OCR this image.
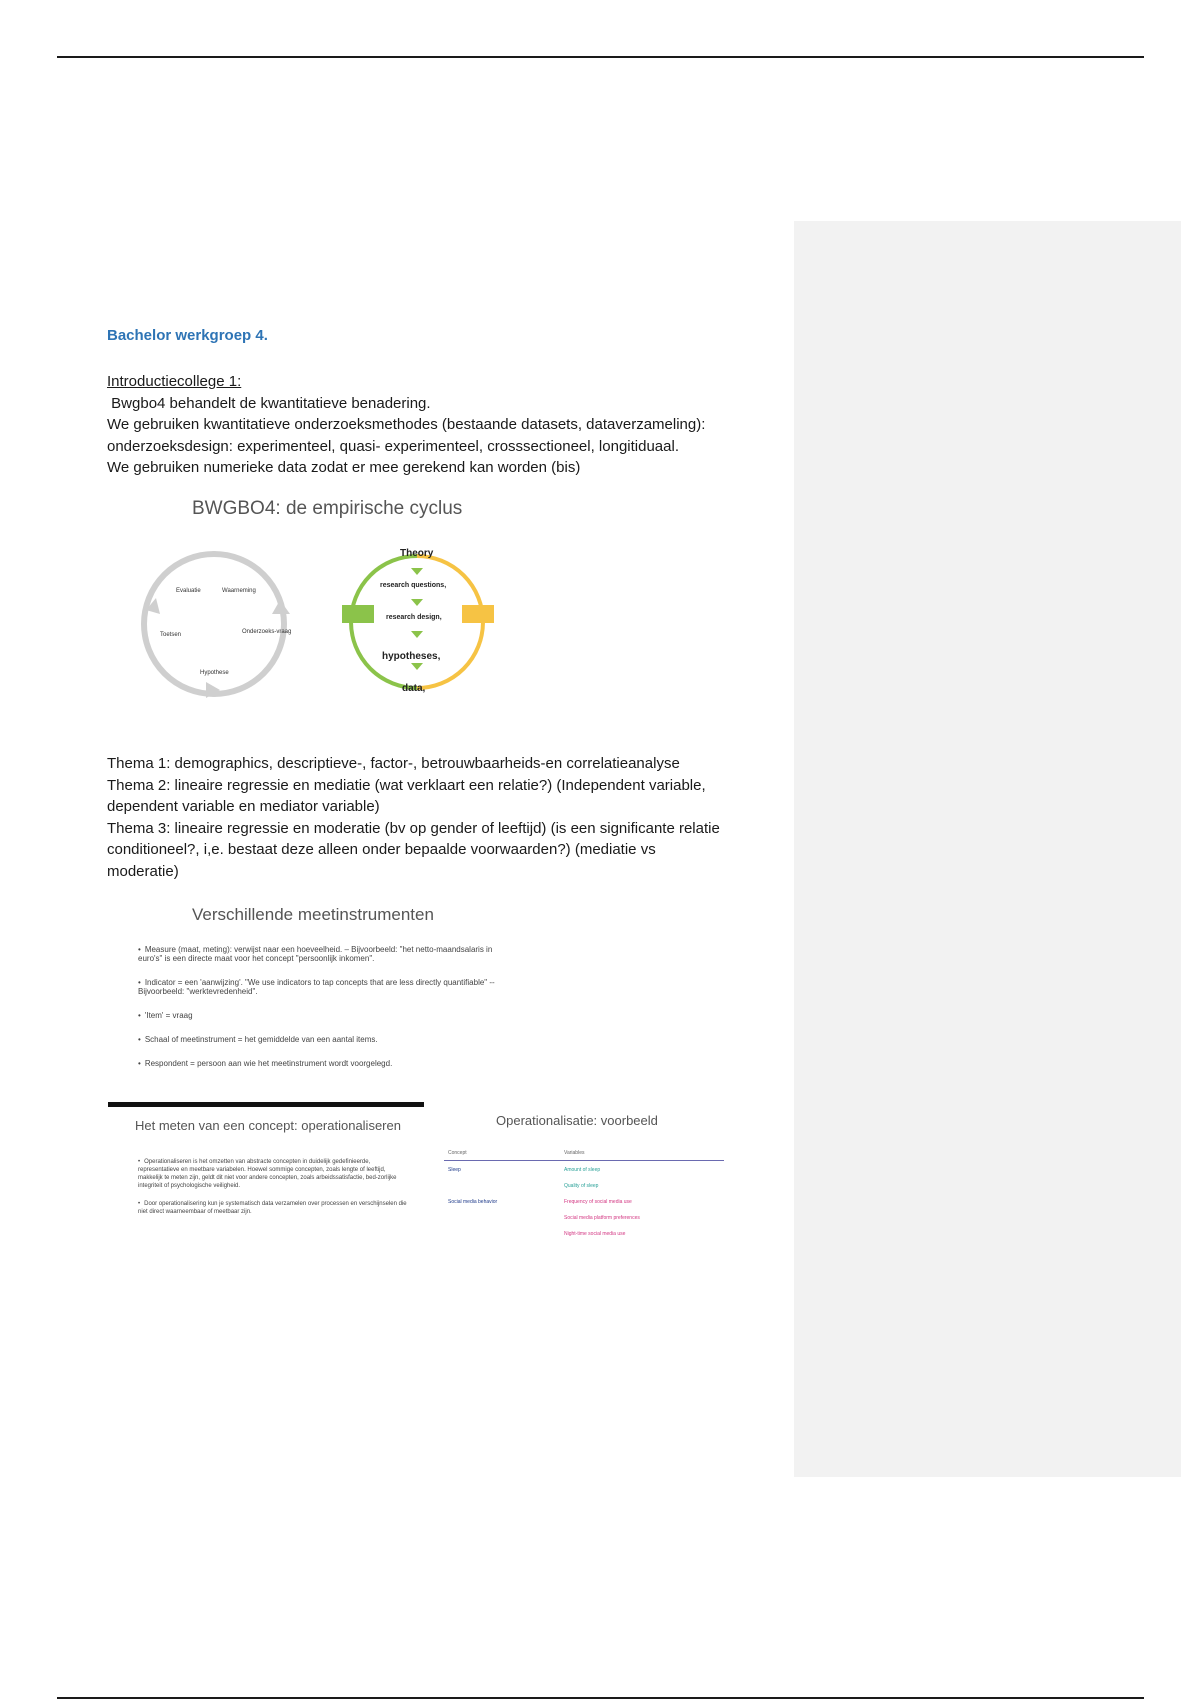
Bachelor werkgroep 4.

Introductiecollege 1:
Bwgbo4 behandelt de kwantitatieve benadering.
We gebruiken kwantitatieve onderzoeksmethodes (bestaande datasets, dataverzameling):
onderzoeksdesign: experimenteel, quasi- experimenteel, crosssectioneel, longitiduaal.
We gebruiken numerieke data zodat er mee gerekend kan worden (bis)
BWGBO4: de empirische cyclus
Evaluatie	Waarneming
Onderzoeks-vraag
Hypothese
Toetsen
Theory
research questions,
research design,
hypotheses,
data,
Thema 1: demographics, descriptieve-, factor-, betrouwbaarheids-en correlatieanalyse
Thema 2: lineaire regressie en mediatie (wat verklaart een relatie?) (Independent variable,
dependent variable en mediator variable)
Thema 3: lineaire regressie en moderatie (bv op gender of leeftijd) (is een significante relatie
conditioneel?, i,e. bestaat deze alleen onder bepaalde voorwaarden?) (mediatie vs
moderatie)
Verschillende meetinstrumenten
• Measure (maat, meting): verwijst naar een hoeveelheid. – Bijvoorbeeld: "het netto-maandsalaris in euro's" is een directe maat voor het concept "persoonlijk inkomen".
• Indicator = een 'aanwijzing'. "We use indicators to tap concepts that are less directly quantifiable" -- Bijvoorbeeld: "werktevredenheid".
• 'Item' = vraag
• Schaal of meetinstrument = het gemiddelde van een aantal items.
• Respondent = persoon aan wie het meetinstrument wordt voorgelegd.
Het meten van een concept: operationaliseren
• Operationaliseren is het omzetten van abstracte concepten in duidelijk gedefinieerde, representatieve en meetbare variabelen. Hoewel sommige concepten, zoals lengte of leeftijd, makkelijk te meten zijn, geldt dit niet voor andere concepten, zoals arbeidssatisfactie, bed-zorlijke integriteit of psychologische veiligheid.
• Door operationalisering kun je systematisch data verzamelen over processen en verschijnselen die niet direct waarneembaar of meetbaar zijn.
Operationalisatie: voorbeeld
Concept	Variables
Sleep	Amount of sleep
Quality of sleep
Social media behavior	Frequency of social media use
Social media platform preferences
Night-time social media use
